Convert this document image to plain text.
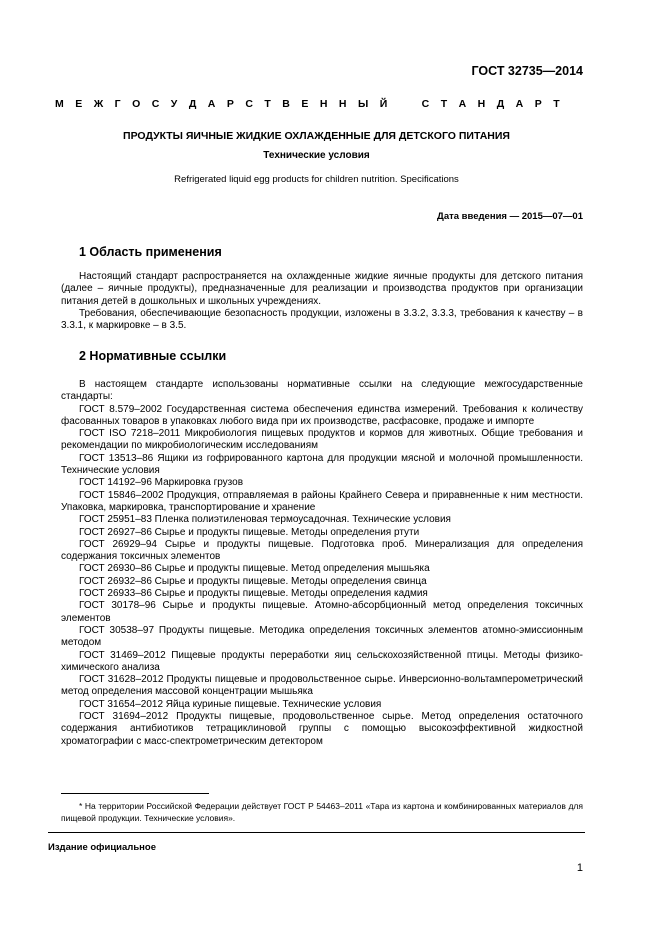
ГОСТ 32735—2014
М Е Ж Г О С У Д А Р С Т В Е Н Н Ы Й	С Т А Н Д А Р Т
ПРОДУКТЫ ЯИЧНЫЕ ЖИДКИЕ ОХЛАЖДЕННЫЕ ДЛЯ ДЕТСКОГО ПИТАНИЯ
Технические условия
Refrigerated liquid egg products for children nutrition. Specifications
Дата введения — 2015—07—01
1 Область применения

Настоящий стандарт распространяется на охлажденные жидкие яичные продукты для детского питания (далее – яичные продукты), предназначенные для реализации и производства продуктов при организации питания детей в дошкольных и школьных учреждениях.

Требования, обеспечивающие безопасность продукции, изложены в 3.3.2, 3.3.3, требования к качеству – в 3.3.1, к маркировке – в 3.5.

2 Нормативные ссылки

В настоящем стандарте использованы нормативные ссылки на следующие межгосударственные стандарты:

ГОСТ 8.579–2002 Государственная система обеспечения единства измерений. Требования к количеству фасованных товаров в упаковках любого вида при их производстве, расфасовке, продаже и импорте

ГОСТ ISO 7218–2011 Микробиология пищевых продуктов и кормов для животных. Общие требования и рекомендации по микробиологическим исследованиям

ГОСТ 13513–86 Ящики из гофрированного картона для продукции мясной и молочной промышленности. Технические условия

ГОСТ 14192–96 Маркировка грузов

ГОСТ 15846–2002 Продукция, отправляемая в районы Крайнего Севера и приравненные к ним местности. Упаковка, маркировка, транспортирование и хранение

ГОСТ 25951–83 Пленка полиэтиленовая термоусадочная. Технические условия

ГОСТ 26927–86 Сырье и продукты пищевые. Методы определения ртути

ГОСТ 26929–94 Сырье и продукты пищевые. Подготовка проб. Минерализация для определения содержания токсичных элементов

ГОСТ 26930–86 Сырье и продукты пищевые. Метод определения мышьяка

ГОСТ 26932–86 Сырье и продукты пищевые. Методы определения свинца

ГОСТ 26933–86 Сырье и продукты пищевые. Методы определения кадмия

ГОСТ 30178–96 Сырье и продукты пищевые. Атомно-абсорбционный метод определения токсичных элементов

ГОСТ 30538–97 Продукты пищевые. Методика определения токсичных элементов атомно-эмиссионным методом

ГОСТ 31469–2012 Пищевые продукты переработки яиц сельскохозяйственной птицы. Методы физико-химического анализа

ГОСТ 31628–2012 Продукты пищевые и продовольственное сырье. Инверсионно-вольтамперометрический метод определения массовой концентрации мышьяка

ГОСТ 31654–2012 Яйца куриные пищевые. Технические условия

ГОСТ 31694–2012 Продукты пищевые, продовольственное сырье. Метод определения остаточного содержания антибиотиков тетрациклиновой группы с помощью высокоэффективной жидкостной хроматографии с масс-спектрометрическим детектором

* На территории Российской Федерации действует ГОСТ Р 54463–2011 «Тара из картона и комбинированных материалов для пищевой продукции. Технические условия».
Издание официальное
1
